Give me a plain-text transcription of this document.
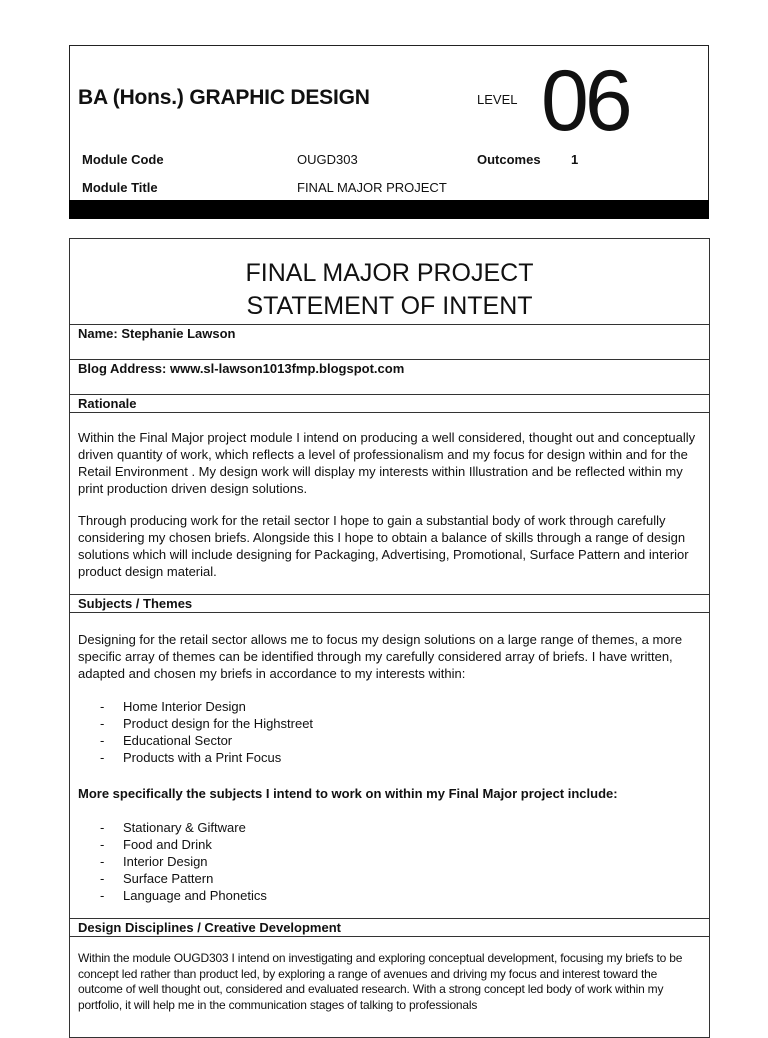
BA (Hons.) GRAPHIC DESIGN	LEVEL 06
Module Code	OUGD303	Outcomes 1
Module Title	FINAL MAJOR PROJECT
FINAL MAJOR PROJECT
STATEMENT OF INTENT
Name: Stephanie Lawson
Blog Address: www.sl-lawson1013fmp.blogspot.com
Rationale

Within the Final Major project module I intend on producing a well considered, thought out and conceptually driven quantity of work, which reflects a level of professionalism and my focus for design within and for the Retail Environment . My design work will display my interests within Illustration and be reflected within my print production driven design solutions.

Through producing work for the retail sector I hope to gain a substantial body of work through carefully considering my chosen briefs. Alongside this I hope to obtain a balance of skills through a range of design solutions which will include designing for Packaging, Advertising, Promotional, Surface Pattern and interior product design material.

Subjects / Themes

Designing for the retail sector allows me to focus my design solutions on a large range of themes, a more specific array of themes can be identified through my carefully considered array of briefs. I have written, adapted and chosen my briefs in accordance to my interests within:

- Home Interior Design
- Product design for the Highstreet
- Educational Sector
- Products with a Print Focus

More specifically the subjects I intend to work on within my Final Major project include:

- Stationary & Giftware
- Food and Drink
- Interior Design
- Surface Pattern
- Language and Phonetics
Design Disciplines / Creative Development

Within the module OUGD303 I intend on investigating and exploring conceptual development, focusing my briefs to be concept led rather than product led, by exploring a range of avenues and driving my focus and interest toward the outcome of well thought out, considered and evaluated research. With a strong concept led body of work within my portfolio, it will help me in the communication stages of talking to professionals
